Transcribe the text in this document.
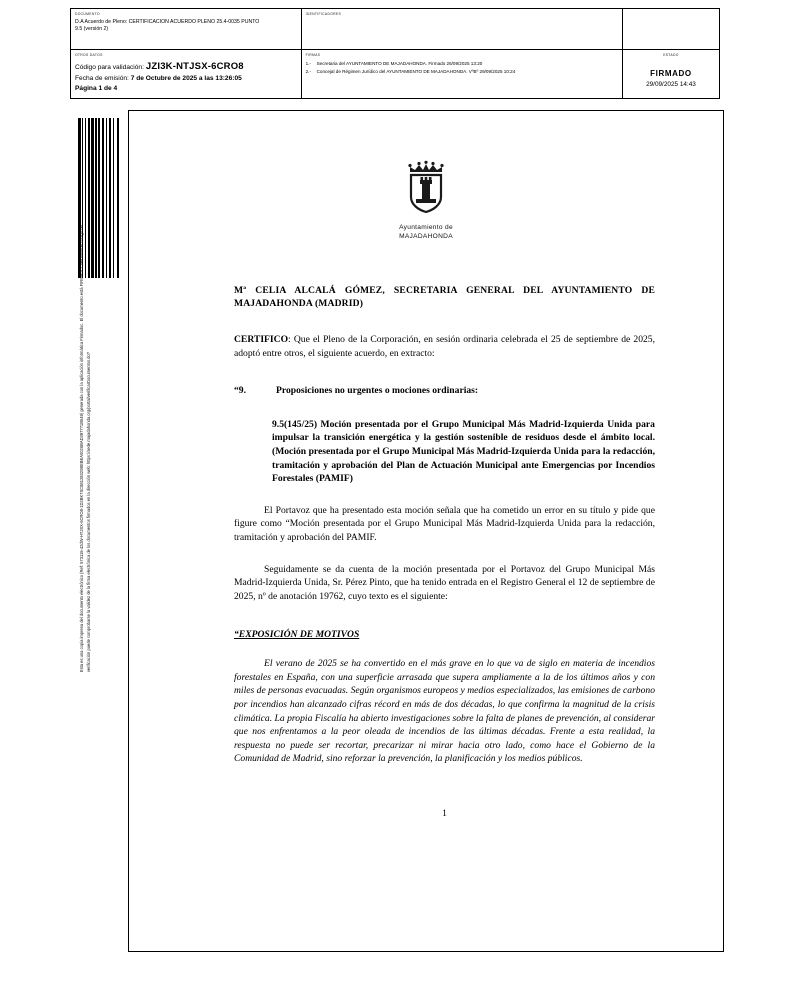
DOCUMENTO
D.A Acuerdo de Pleno: CERTIFICACION ACUERDO PLENO 25.4-0035 PUNTO
9.5 (versión 2)	IDENTIFICADORES	

OTROS DATOS
Código para validación: JZI3K-NTJSX-6CRO8
Fecha de emisión: 7 de Octubre de 2025 a las 13:26:05
Página 1 de 4

FIRMAS
1.-	Secretaria del AYUNTAMIENTO DE MAJADAHONDA. Firmado 26/09/2025 13:20
2.-	Concejal de Régimen Jurídico del AYUNTAMIENTO DE MAJADAHONDA. VºBº 29/09/2025 10:24

ESTADO
FIRMADO
29/09/2025 14:43
Esta es una copia impresa del documento electrónico (Ref: 573115-42dW-HTJSX-6CRO8-1D2BK7SC88128320BEBEA0026BAD397771B549) generada con la aplicación informática Firmadoc. El documento está FIRMADO. Mediante el código de verificación puede comprobarse la validez de la firma electrónica de los documentos firmados en la dirección web: https://sede.majadahonda.org/portal/verificarDocumentos.do?
Ayuntamiento de
MAJADAHONDA
Mª CELIA ALCALÁ GÓMEZ, SECRETARIA GENERAL DEL AYUNTAMIENTO DE MAJADAHONDA (MADRID)
CERTIFICO: Que el Pleno de la Corporación, en sesión ordinaria celebrada el 25 de septiembre de 2025, adoptó entre otros, el siguiente acuerdo, en extracto:
“9.	Proposiciones no urgentes o mociones ordinarias:
9.5(145/25) Moción presentada por el Grupo Municipal Más Madrid-Izquierda Unida para impulsar la transición energética y la gestión sostenible de residuos desde el ámbito local. (Moción presentada por el Grupo Municipal Más Madrid-Izquierda Unida para la redacción, tramitación y aprobación del Plan de Actuación Municipal ante Emergencias por Incendios Forestales (PAMIF)
El Portavoz que ha presentado esta moción señala que ha cometido un error en su título y pide que figure como “Moción presentada por el Grupo Municipal Más Madrid-Izquierda Unida para la redacción, tramitación y aprobación del PAMIF.
Seguidamente se da cuenta de la moción presentada por el Portavoz del Grupo Municipal Más Madrid-Izquierda Unida, Sr. Pérez Pinto, que ha tenido entrada en el Registro General el 12 de septiembre de 2025, nº de anotación 19762, cuyo texto es el siguiente:
“EXPOSICIÓN DE MOTIVOS
El verano de 2025 se ha convertido en el más grave en lo que va de siglo en materia de incendios forestales en España, con una superficie arrasada que supera ampliamente a la de los últimos años y con miles de personas evacuadas. Según organismos europeos y medios especializados, las emisiones de carbono por incendios han alcanzado cifras récord en más de dos décadas, lo que confirma la magnitud de la crisis climática. La propia Fiscalía ha abierto investigaciones sobre la falta de planes de prevención, al considerar que nos enfrentamos a la peor oleada de incendios de las últimas décadas. Frente a esta realidad, la respuesta no puede ser recortar, precarizar ni mirar hacia otro lado, como hace el Gobierno de la Comunidad de Madrid, sino reforzar la prevención, la planificación y los medios públicos.
1
